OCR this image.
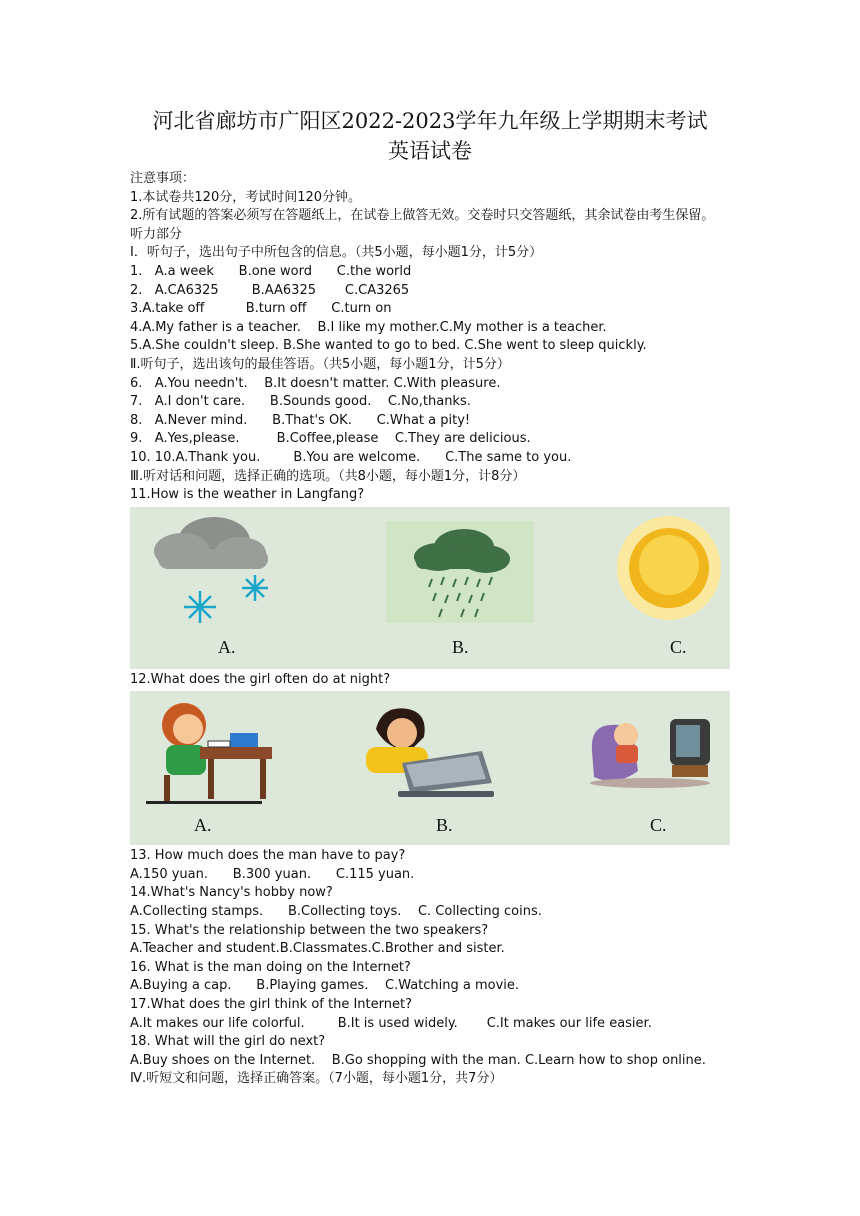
河北省廊坊市广阳区2022-2023学年九年级上学期期末考试
英语试卷
注意事项：
1.本试卷共120分，考试时间120分钟。
2.所有试题的答案必须写在答题纸上，在试卷上做答无效。交卷时只交答题纸，其余试卷由考生保留。
听力部分
I．听句子，选出句子中所包含的信息。（共5小题，每小题1分，计5分）
1.   A.a week      B.one word      C.the world
2.   A.CA6325        B.AA6325       C.CA3265
3.A.take off          B.turn off      C.turn on
4.A.My father is a teacher.    B.I like my mother.C.My mother is a teacher.
5.A.She couldn't sleep. B.She wanted to go to bed. C.She went to sleep quickly.
Ⅱ.听句子，选出该句的最佳答语。（共5小题，每小题1分，计5分）
6.   A.You needn't.    B.It doesn't matter. C.With pleasure.
7.   A.I don't care.      B.Sounds good.    C.No,thanks.
8.   A.Never mind.      B.That's OK.      C.What a pity!
9.   A.Yes,please.         B.Coffee,please    C.They are delicious.
10. 10.A.Thank you.        B.You are welcome.      C.The same to you.
Ⅲ.听对话和问题，选择正确的选项。（共8小题，每小题1分，计8分）
11.How is the weather in Langfang?
A.	B.	C.
12.What does the girl often do at night?
A.	B.	C.
13. How much does the man have to pay?
A.150 yuan.      B.300 yuan.      C.115 yuan.
14.What's Nancy's hobby now?
A.Collecting stamps.      B.Collecting toys.    C. Collecting coins.
15. What's the relationship between the two speakers?
A.Teacher and student.B.Classmates.C.Brother and sister.
16. What is the man doing on the Internet?
A.Buying a cap.      B.Playing games.    C.Watching a movie.
17.What does the girl think of the Internet?
A.It makes our life colorful.        B.It is used widely.       C.It makes our life easier.
18. What will the girl do next?
A.Buy shoes on the Internet.    B.Go shopping with the man. C.Learn how to shop online.
Ⅳ.听短文和问题，选择正确答案。（7小题，每小题1分，共7分）
